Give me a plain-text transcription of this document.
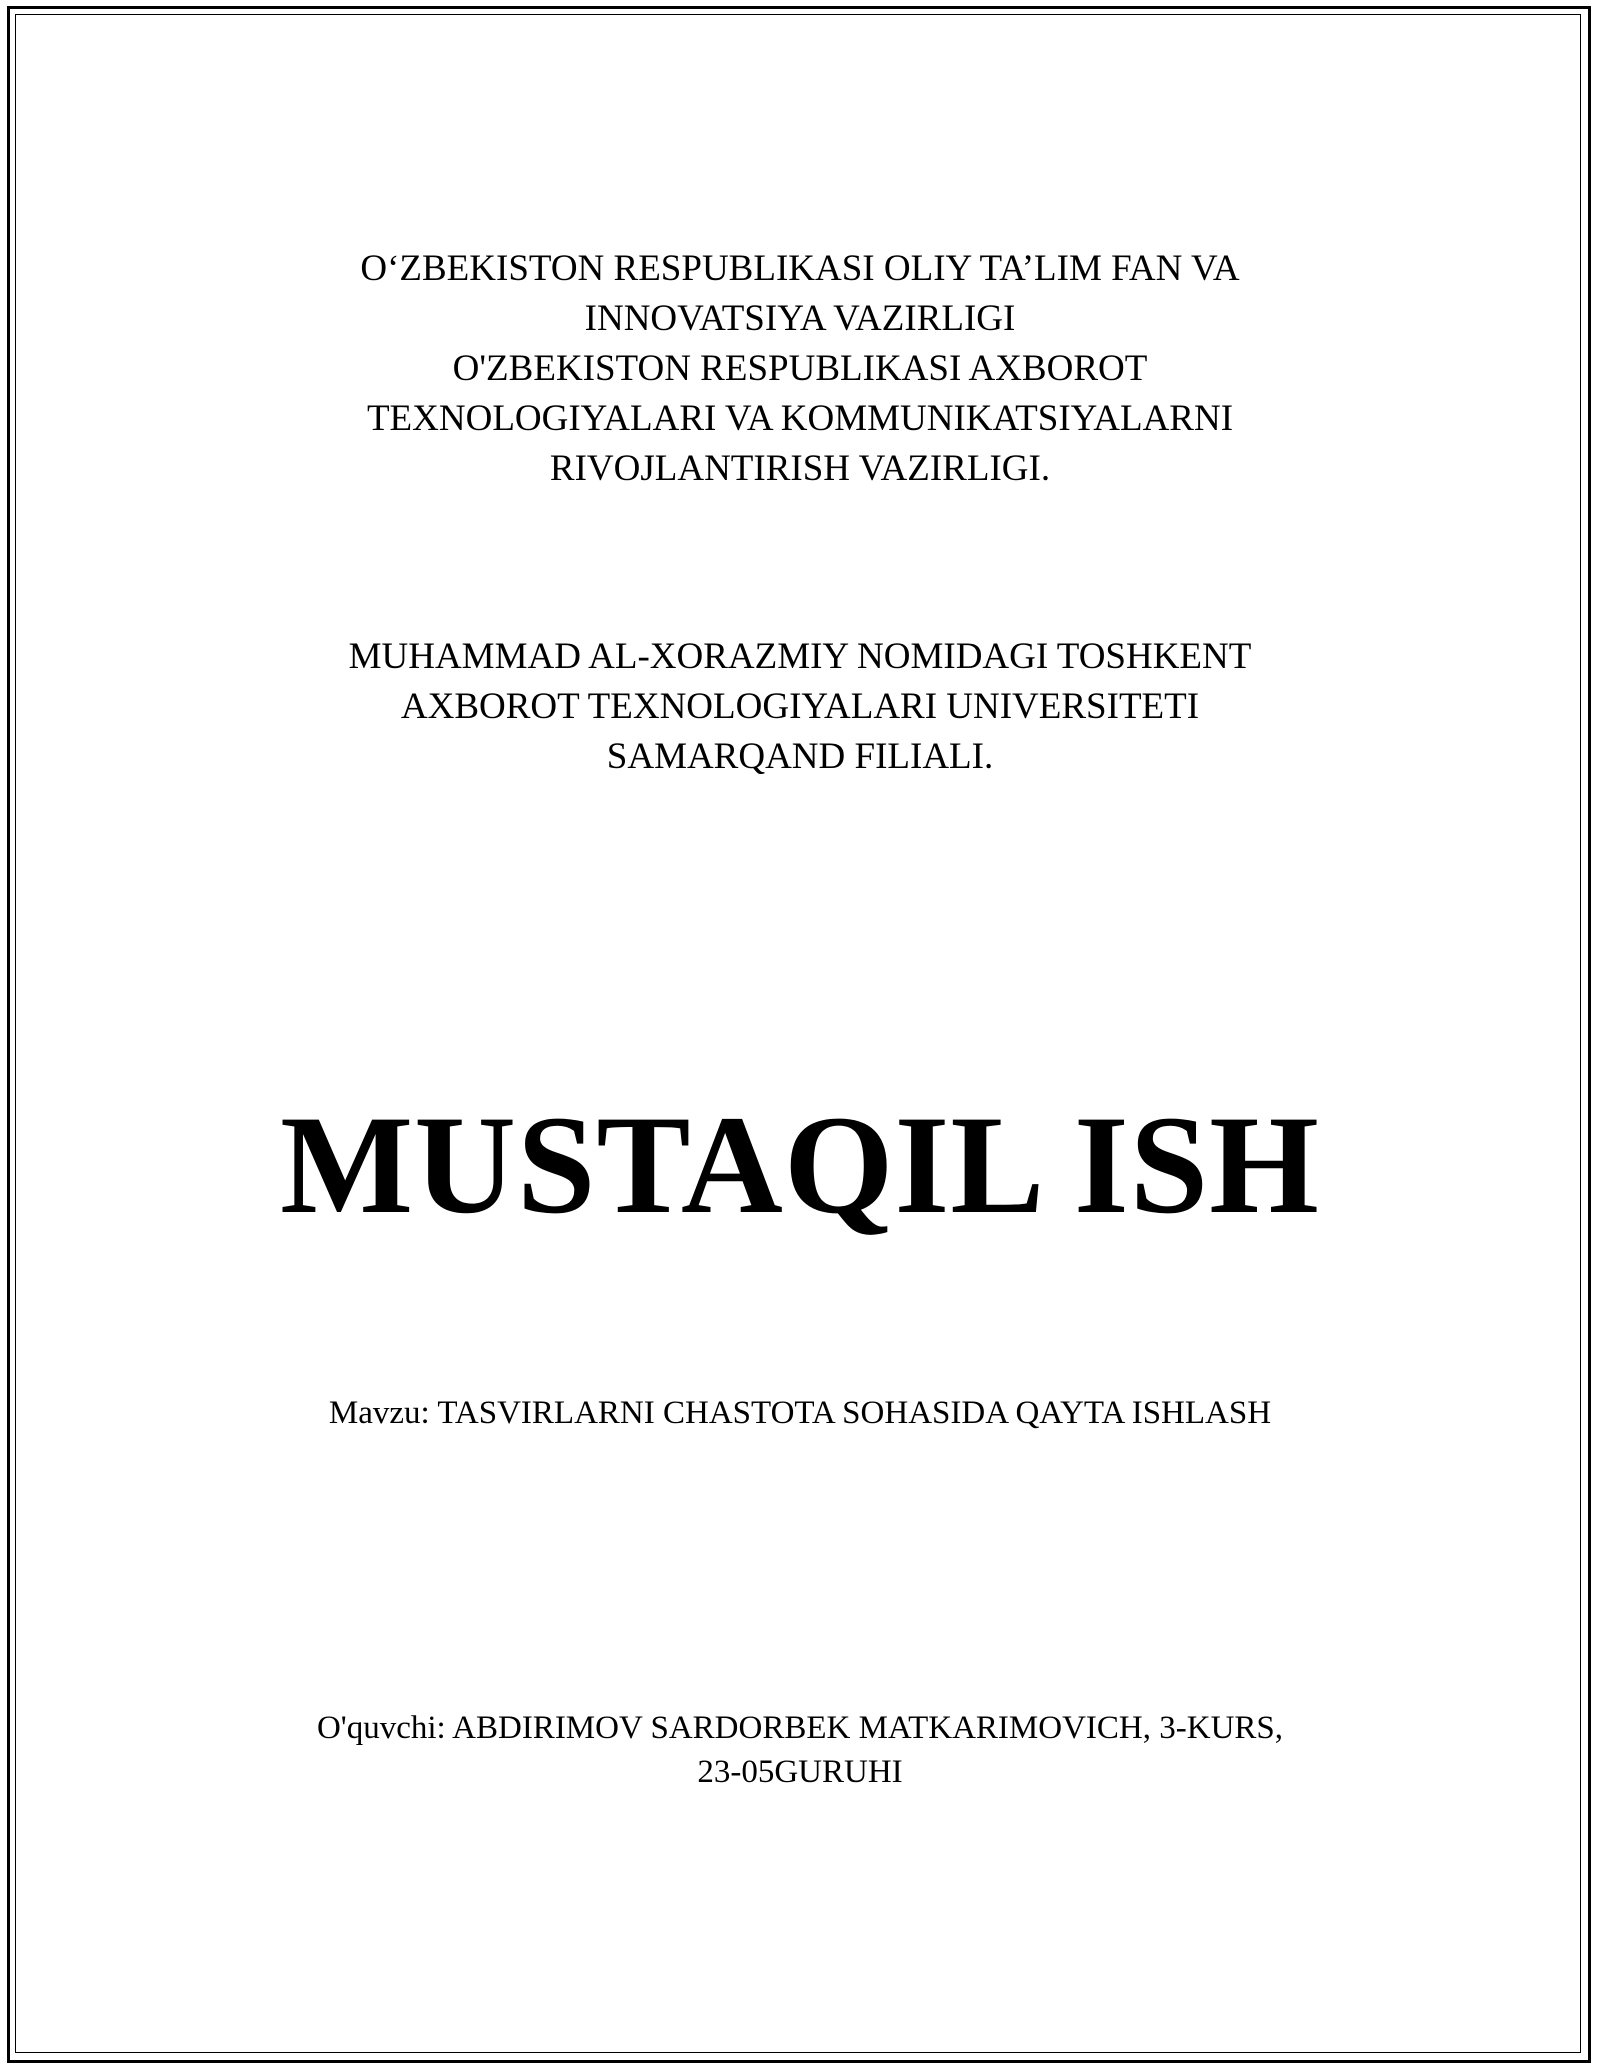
O‘ZBEKISTON RESPUBLIKASI OLIY TA’LIM FAN VA
INNOVATSIYA VAZIRLIGI
O'ZBEKISTON RESPUBLIKASI AXBOROT
TEXNOLOGIYALARI VA KOMMUNIKATSIYALARNI
RIVOJLANTIRISH VAZIRLIGI.
MUHAMMAD AL-XORAZMIY NOMIDAGI TOSHKENT
AXBOROT TEXNOLOGIYALARI UNIVERSITETI
SAMARQAND FILIALI.
MUSTAQIL ISH
Mavzu: TASVIRLARNI CHASTOTA SOHASIDA QAYTA ISHLASH
O'quvchi: ABDIRIMOV SARDORBEK MATKARIMOVICH, 3-KURS,
23-05GURUHI
